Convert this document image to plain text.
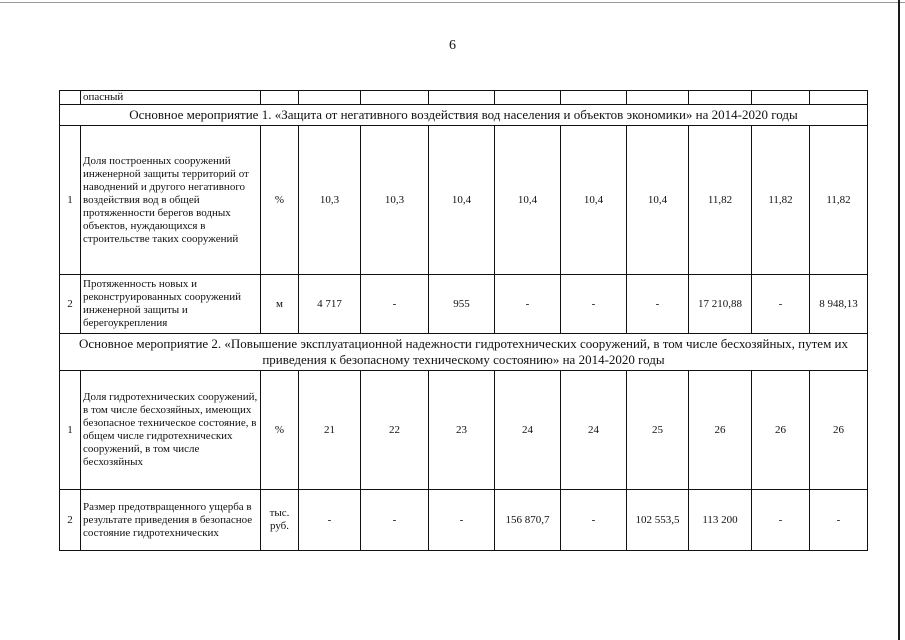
6
	опасный										
Основное мероприятие 1. «Защита от негативного воздействия вод населения и объектов экономики» на 2014-2020 годы											
1	Доля построенных сооружений инженерной защиты территорий от наводнений и другого негативного воздействия вод в общей протяженности берегов водных объектов, нуждающихся в строительстве таких сооружений	%	10,3	10,3	10,4	10,4	10,4	10,4	11,82	11,82	11,82
2	Протяженность новых и реконструированных сооружений инженерной защиты и берегоукрепления	м	4 717	-	955	-	-	-	17 210,88	-	8 948,13
Основное мероприятие 2. «Повышение эксплуатационной надежности гидротехнических сооружений, в том числе бесхозяйных, путем их приведения к безопасному техническому состоянию» на 2014-2020 годы											
1	Доля гидротехнических сооружений, в том числе бесхозяйных, имеющих безопасное техническое состояние, в общем числе гидротехнических сооружений, в том числе бесхозяйных	%	21	22	23	24	24	25	26	26	26
2	Размер предотвращенного ущерба в результате приведения в безопасное состояние гидротехнических	тыс. руб.	-	-	-	156 870,7	-	102 553,5	113 200	-	-
